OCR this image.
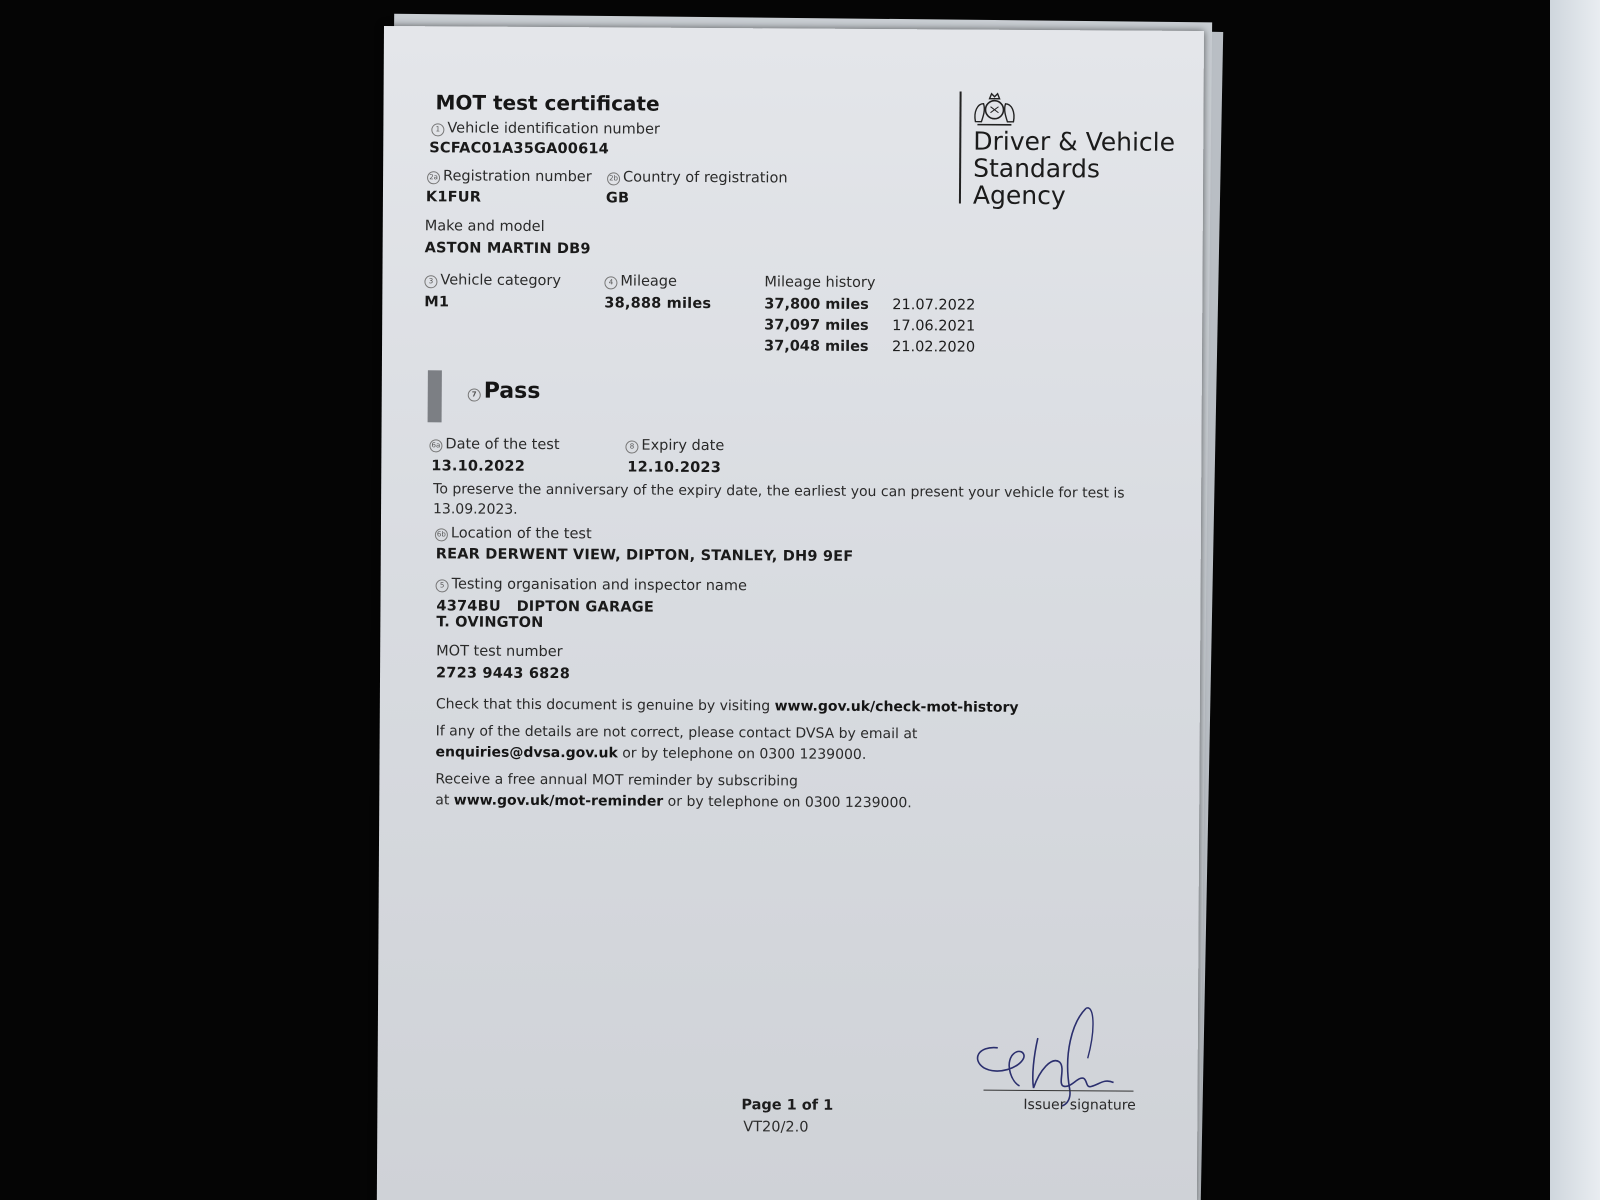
MOT test certificate
Driver & Vehicle
Standards
Agency
1 Vehicle identification number
SCFAC01A35GA00614
2a Registration number
K1FUR
2b Country of registration
GB
Make and model
ASTON MARTIN DB9
3 Vehicle category
M1
4 Mileage
38,888 miles
Mileage history
37,800 miles	21.07.2022
37,097 miles	17.06.2021
37,048 miles	21.02.2020
7 Pass
6a Date of the test
13.10.2022
8 Expiry date
12.10.2023
To preserve the anniversary of the expiry date, the earliest you can present your vehicle for test is
13.09.2023.
6b Location of the test
REAR DERWENT VIEW, DIPTON, STANLEY, DH9 9EF
5 Testing organisation and inspector name
4374BU DIPTON GARAGE
T. OVINGTON
MOT test number
2723 9443 6828
Check that this document is genuine by visiting www.gov.uk/check-mot-history
If any of the details are not correct, please contact DVSA by email at
enquiries@dvsa.gov.uk or by telephone on 0300 1239000.
Receive a free annual MOT reminder by subscribing
at www.gov.uk/mot-reminder or by telephone on 0300 1239000.
Issuer signature
Page 1 of 1
VT20/2.0
